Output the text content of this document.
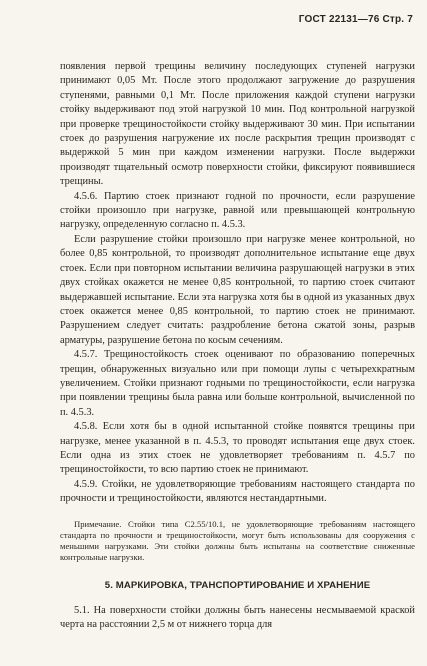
ГОСТ 22131—76 Стр. 7

появления первой трещины величину последующих ступеней нагрузки принимают 0,05 Мт. После этого продолжают загружение до разрушения ступенями, равными 0,1 Мт. После приложения каждой ступени нагрузки стойку выдерживают под этой нагрузкой 10 мин. Под контрольной нагрузкой при проверке трещиностойкости стойку выдерживают 30 мин. При испытании стоек до разрушения нагружение их после раскрытия трещин производят с выдержкой 5 мин при каждом изменении нагрузки. После выдержки производят тщательный осмотр поверхности стойки, фиксируют появившиеся трещины.

4.5.6. Партию стоек признают годной по прочности, если разрушение стойки произошло при нагрузке, равной или превышающей контрольную нагрузку, определенную согласно п. 4.5.3.

Если разрушение стойки произошло при нагрузке менее контрольной, но более 0,85 контрольной, то производят дополнительное испытание еще двух стоек. Если при повторном испытании величина разрушающей нагрузки в этих двух стойках окажется не менее 0,85 контрольной, то партию стоек считают выдержавшей испытание. Если эта нагрузка хотя бы в одной из указанных двух стоек окажется менее 0,85 контрольной, то партию стоек не принимают. Разрушением следует считать: раздробление бетона сжатой зоны, разрыв арматуры, разрушение бетона по косым сечениям.

4.5.7. Трещиностойкость стоек оценивают по образованию поперечных трещин, обнаруженных визуально или при помощи лупы с четырехкратным увеличением. Стойки признают годными по трещиностойкости, если нагрузка при появлении трещины была равна или больше контрольной, вычисленной по п. 4.5.3.

4.5.8. Если хотя бы в одной испытанной стойке появятся трещины при нагрузке, менее указанной в п. 4.5.3, то проводят испытания еще двух стоек. Если одна из этих стоек не удовлетворяет требованиям п. 4.5.7 по трещиностойкости, то всю партию стоек не принимают.

4.5.9. Стойки, не удовлетворяющие требованиям настоящего стандарта по прочности и трещиностойкости, являются нестандартными.

Примечание. Стойки типа С2.55/10.1, не удовлетворяющие требованиям настоящего стандарта по прочности и трещиностойкости, могут быть использованы для сооружения с меньшими нагрузками. Эти стойки должны быть испытаны на соответствие сниженные контрольные нагрузки.

5. МАРКИРОВКА, ТРАНСПОРТИРОВАНИЕ И ХРАНЕНИЕ

5.1. На поверхности стойки должны быть нанесены несмываемой краской черта на расстоянии 2,5 м от нижнего торца для
